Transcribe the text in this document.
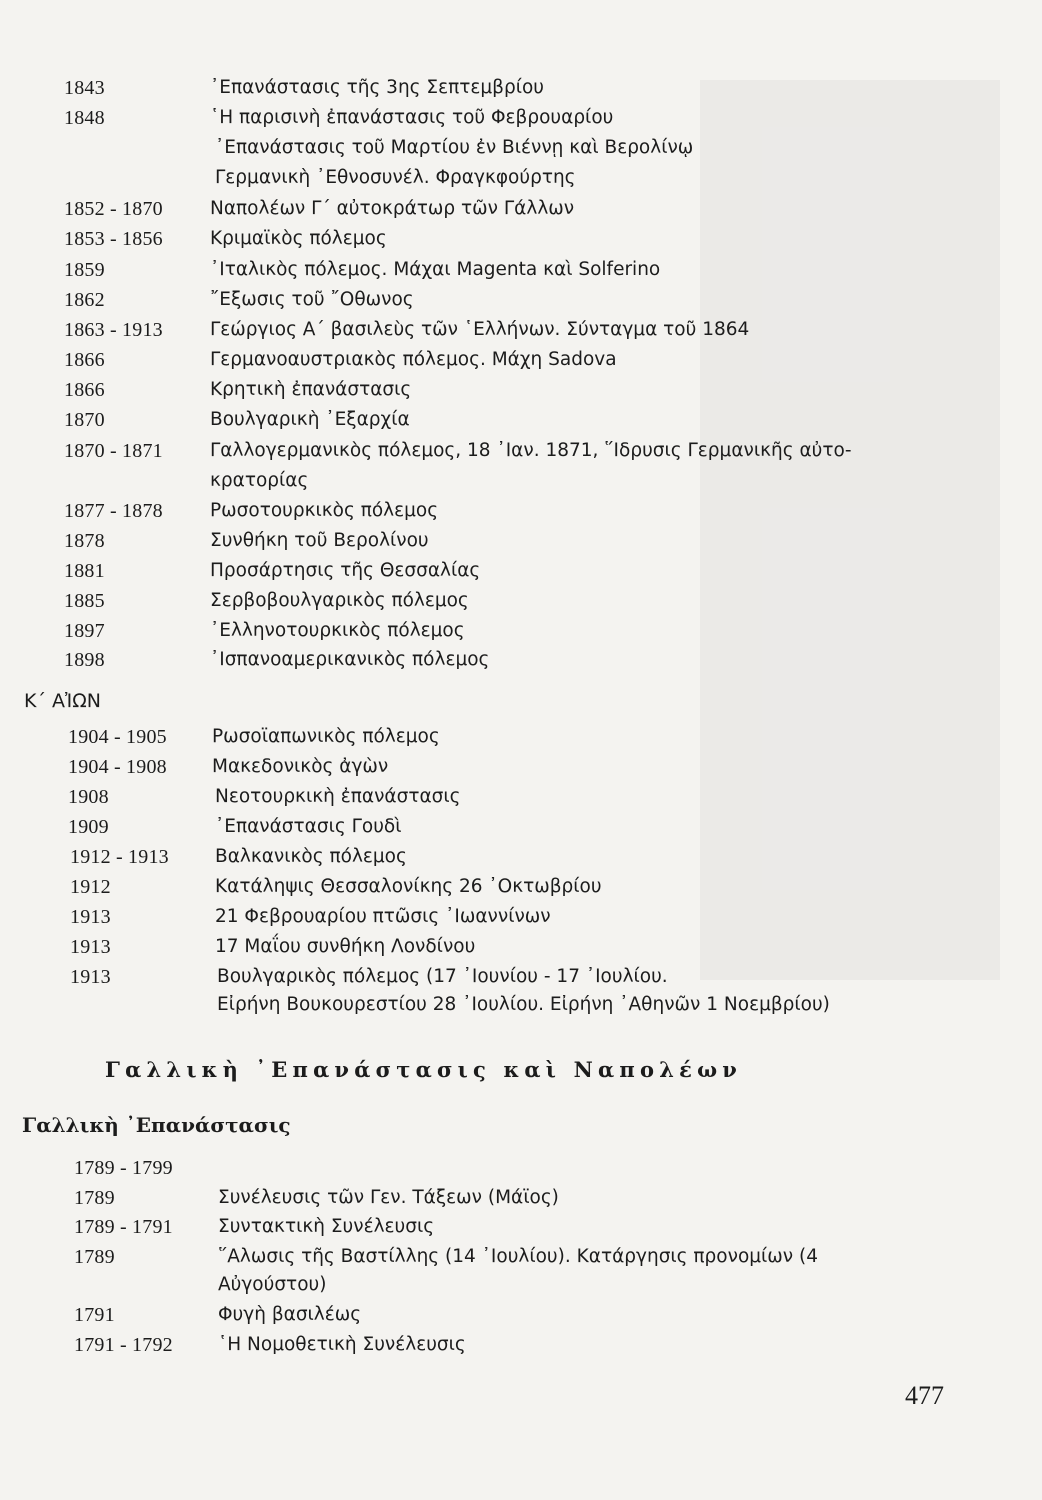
1843	᾿Επανάστασις τῆς 3ης Σεπτεμβρίου
1848	῾Η παρισινὴ ἐπανάστασις τοῦ Φεβρουαρίου
᾿Επανάστασις τοῦ Μαρτίου ἐν Βιέννῃ καὶ Βερολίνῳ
Γερμανικὴ ᾿Εθνοσυνέλ. Φραγκφούρτης
1852 - 1870	Ναπολέων Γ΄ αὐτοκράτωρ τῶν Γάλλων
1853 - 1856	Κριμαϊκὸς πόλεμος
1859	᾿Ιταλικὸς πόλεμος. Μάχαι Magenta καὶ Solferino
1862	῎Εξωσις τοῦ ῎Οθωνος
1863 - 1913	Γεώργιος Α΄ βασιλεὺς τῶν ῾Ελλήνων. Σύνταγμα τοῦ 1864
1866	Γερμανοαυστριακὸς πόλεμος. Μάχη Sadova
1866	Κρητικὴ ἐπανάστασις
1870	Βουλγαρικὴ ᾿Εξαρχία
1870 - 1871	Γαλλογερμανικὸς πόλεμος, 18 ᾿Ιαν. 1871, ῞Ιδρυσις Γερμανικῆς αὐτο-
κρατορίας
1877 - 1878	Ρωσοτουρκικὸς πόλεμος
1878	Συνθήκη τοῦ Βερολίνου
1881	Προσάρτησις τῆς Θεσσαλίας
1885	Σερβοβουλγαρικὸς πόλεμος
1897	᾿Ελληνοτουρκικὸς πόλεμος
1898	᾿Ισπανοαμερικανικὸς πόλεμος
Κ΄ ΑἸΩΝ
1904 - 1905 Ρωσοϊαπωνικὸς πόλεμος
1904 - 1908 Μακεδονικὸς ἀγὼν
1908	Νεοτουρκικὴ ἐπανάστασις
1909	᾿Επανάστασις Γουδὶ
1912 - 1913 Βαλκανικὸς πόλεμος
1912	Κατάληψις Θεσσαλονίκης 26 ᾿Οκτωβρίου
1913	21 Φεβρουαρίου πτῶσις ᾿Ιωαννίνων
1913	17 Μαΐου συνθήκη Λονδίνου
1913	Βουλγαρικὸς πόλεμος (17 ᾿Ιουνίου - 17 ᾿Ιουλίου.
Εἰρήνη Βουκουρεστίου 28 ᾿Ιουλίου. Εἰρήνη ᾿Αθηνῶν 1 Νοεμβρίου)
Γαλλικὴ ᾿Επανάστασις καὶ Ναπολέων
Γαλλικὴ ᾿Επανάστασις
1789 - 1799
1789	Συνέλευσις τῶν Γεν. Τάξεων (Μάϊος)
1789 - 1791 Συντακτικὴ Συνέλευσις
1789	῞Αλωσις τῆς Βαστίλλης (14 ᾿Ιουλίου). Κατάργησις προνομίων (4
Αὐγούστου)
1791	Φυγὴ βασιλέως
1791 - 1792 ῾Η Νομοθετικὴ Συνέλευσις
477
